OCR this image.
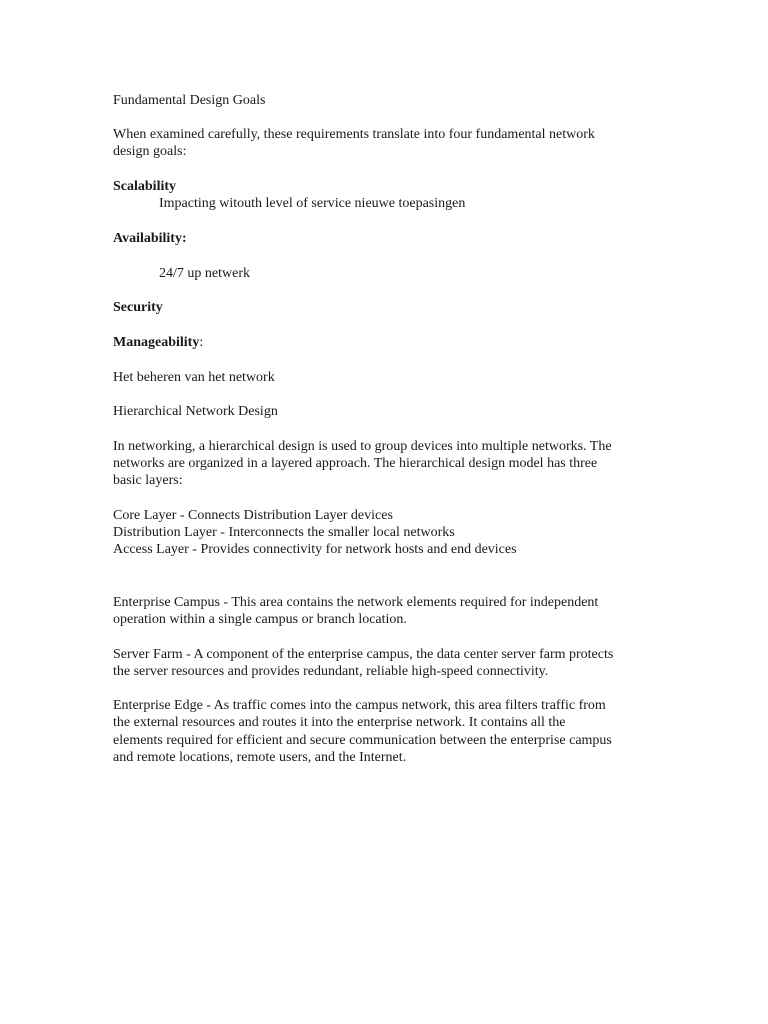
Fundamental Design Goals
When examined carefully, these requirements translate into four fundamental network
design goals:
Scalability
Impacting witouth level of service nieuwe toepasingen
Availability:
24/7 up netwerk
Security
Manageability:
Het beheren van het network
Hierarchical Network Design
In networking, a hierarchical design is used to group devices into multiple networks. The
networks are organized in a layered approach. The hierarchical design model has three
basic layers:
Core Layer - Connects Distribution Layer devices
Distribution Layer - Interconnects the smaller local networks
Access Layer - Provides connectivity for network hosts and end devices
Enterprise Campus - This area contains the network elements required for independent
operation within a single campus or branch location.
Server Farm - A component of the enterprise campus, the data center server farm protects
the server resources and provides redundant, reliable high-speed connectivity.
Enterprise Edge - As traffic comes into the campus network, this area filters traffic from
the external resources and routes it into the enterprise network. It contains all the
elements required for efficient and secure communication between the enterprise campus
and remote locations, remote users, and the Internet.
